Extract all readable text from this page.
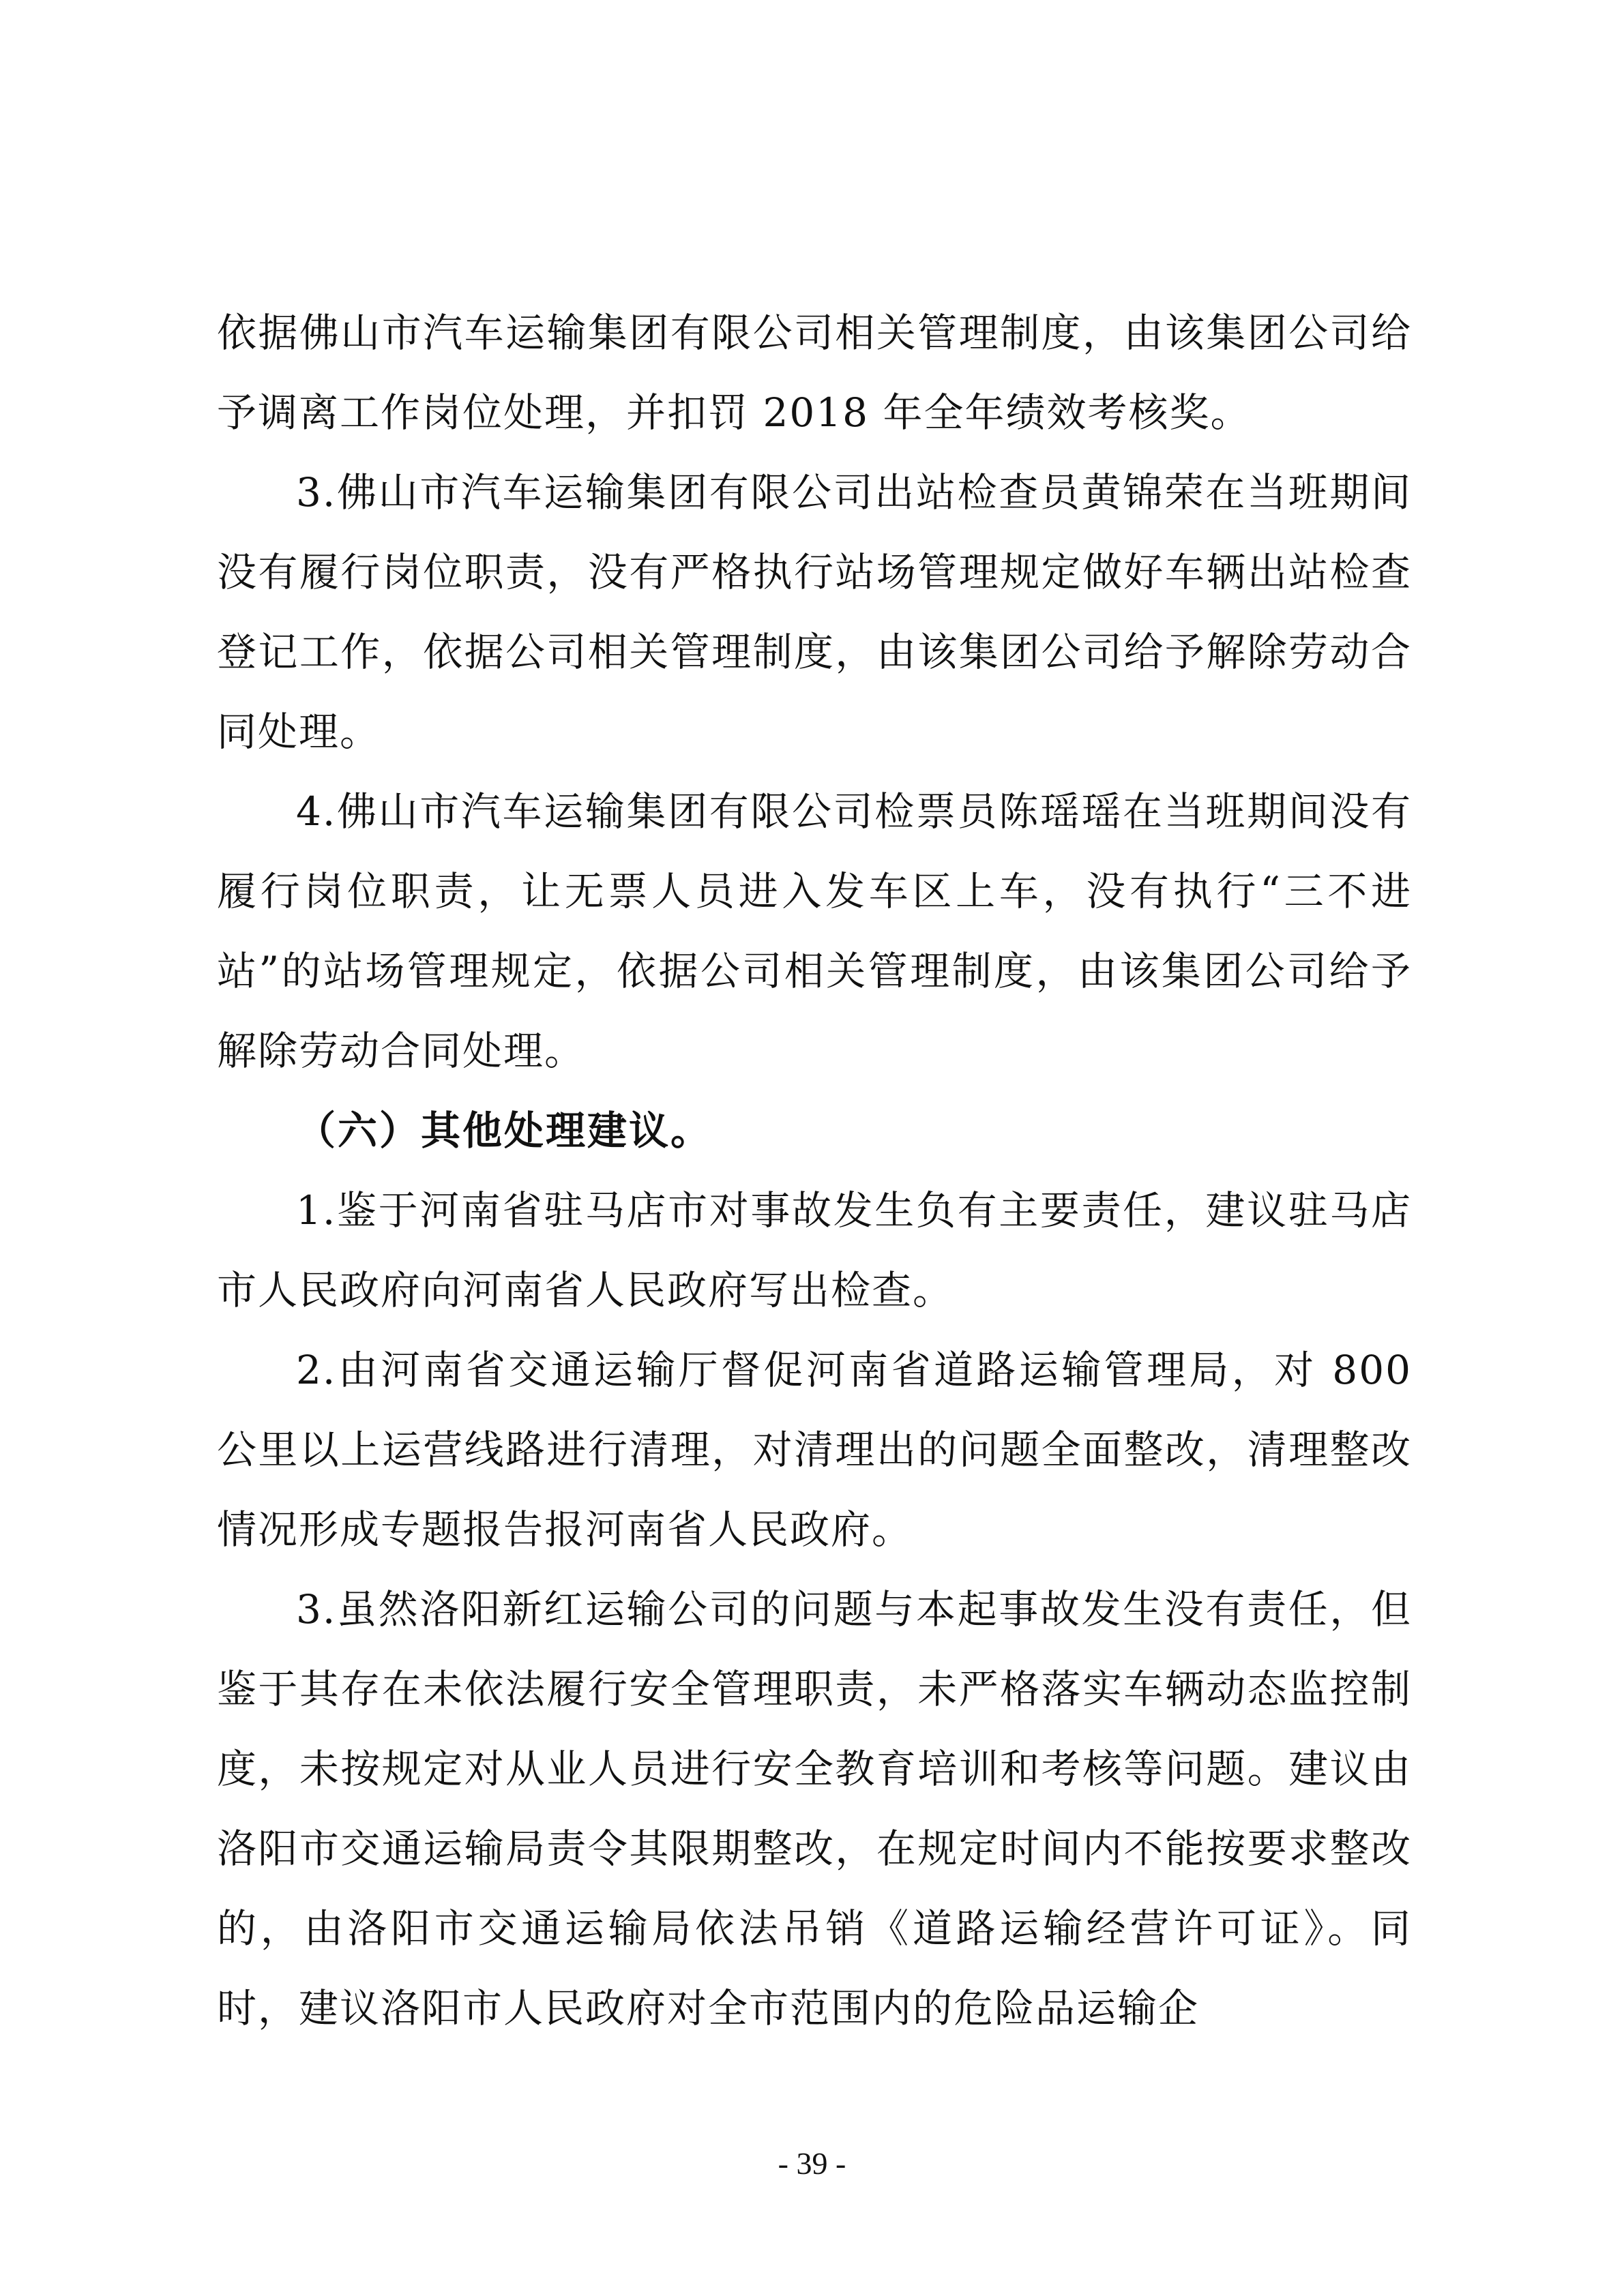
依据佛山市汽车运输集团有限公司相关管理制度，由该集团公司给予调离工作岗位处理，并扣罚 2018 年全年绩效考核奖。

3.佛山市汽车运输集团有限公司出站检查员黄锦荣在当班期间没有履行岗位职责，没有严格执行站场管理规定做好车辆出站检查登记工作，依据公司相关管理制度，由该集团公司给予解除劳动合同处理。

4.佛山市汽车运输集团有限公司检票员陈瑶瑶在当班期间没有履行岗位职责，让无票人员进入发车区上车，没有执行“三不进站”的站场管理规定，依据公司相关管理制度，由该集团公司给予解除劳动合同处理。

（六）其他处理建议。

1.鉴于河南省驻马店市对事故发生负有主要责任，建议驻马店市人民政府向河南省人民政府写出检查。

2.由河南省交通运输厅督促河南省道路运输管理局，对 800 公里以上运营线路进行清理，对清理出的问题全面整改，清理整改情况形成专题报告报河南省人民政府。

3.虽然洛阳新红运输公司的问题与本起事故发生没有责任，但鉴于其存在未依法履行安全管理职责，未严格落实车辆动态监控制度，未按规定对从业人员进行安全教育培训和考核等问题。建议由洛阳市交通运输局责令其限期整改，在规定时间内不能按要求整改的，由洛阳市交通运输局依法吊销《道路运输经营许可证》。同时，建议洛阳市人民政府对全市范围内的危险品运输企

- 39 -
